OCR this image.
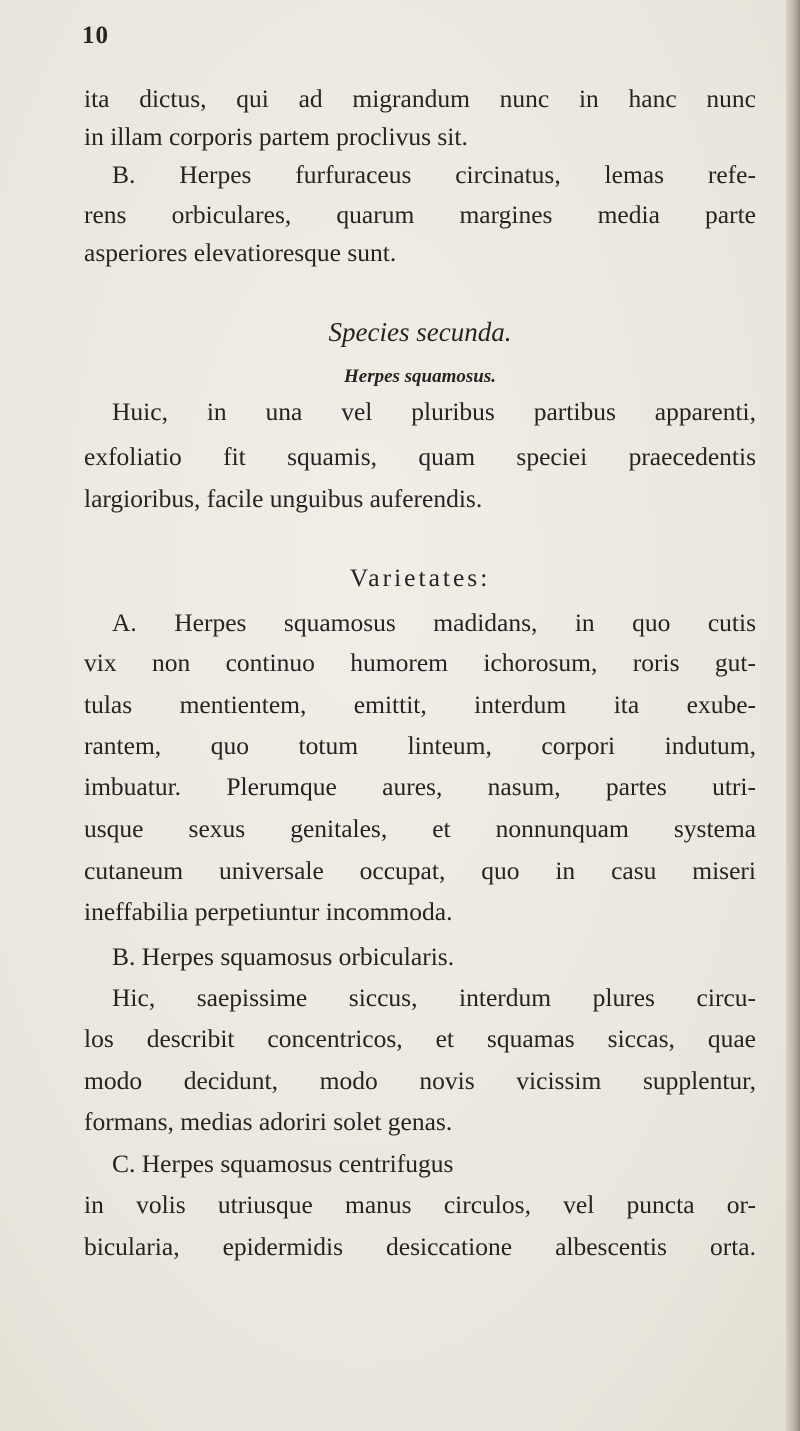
10
ita dictus, qui ad migrandum nunc in hanc nunc
in illam corporis partem proclivus sit.
B. Herpes furfuraceus circinatus, lemas refe-
rens orbiculares, quarum margines media parte
asperiores elevatioresque sunt.
Species secunda.
Herpes squamosus.
Huic, in una vel pluribus partibus apparenti,
exfoliatio fit squamis, quam speciei praecedentis
largioribus, facile unguibus auferendis.
Varietates:
A. Herpes squamosus madidans, in quo cutis
vix non continuo humorem ichorosum, roris gut-
tulas mentientem, emittit, interdum ita exube-
rantem, quo totum linteum, corpori indutum,
imbuatur. Plerumque aures, nasum, partes utri-
usque sexus genitales, et nonnunquam systema
cutaneum universale occupat, quo in casu miseri
ineffabilia perpetiuntur incommoda.
B. Herpes squamosus orbicularis.
Hic, saepissime siccus, interdum plures circu-
los describit concentricos, et squamas siccas, quae
modo decidunt, modo novis vicissim supplentur,
formans, medias adoriri solet genas.
C. Herpes squamosus centrifugus
in volis utriusque manus circulos, vel puncta or-
bicularia, epidermidis desiccatione albescentis orta.
